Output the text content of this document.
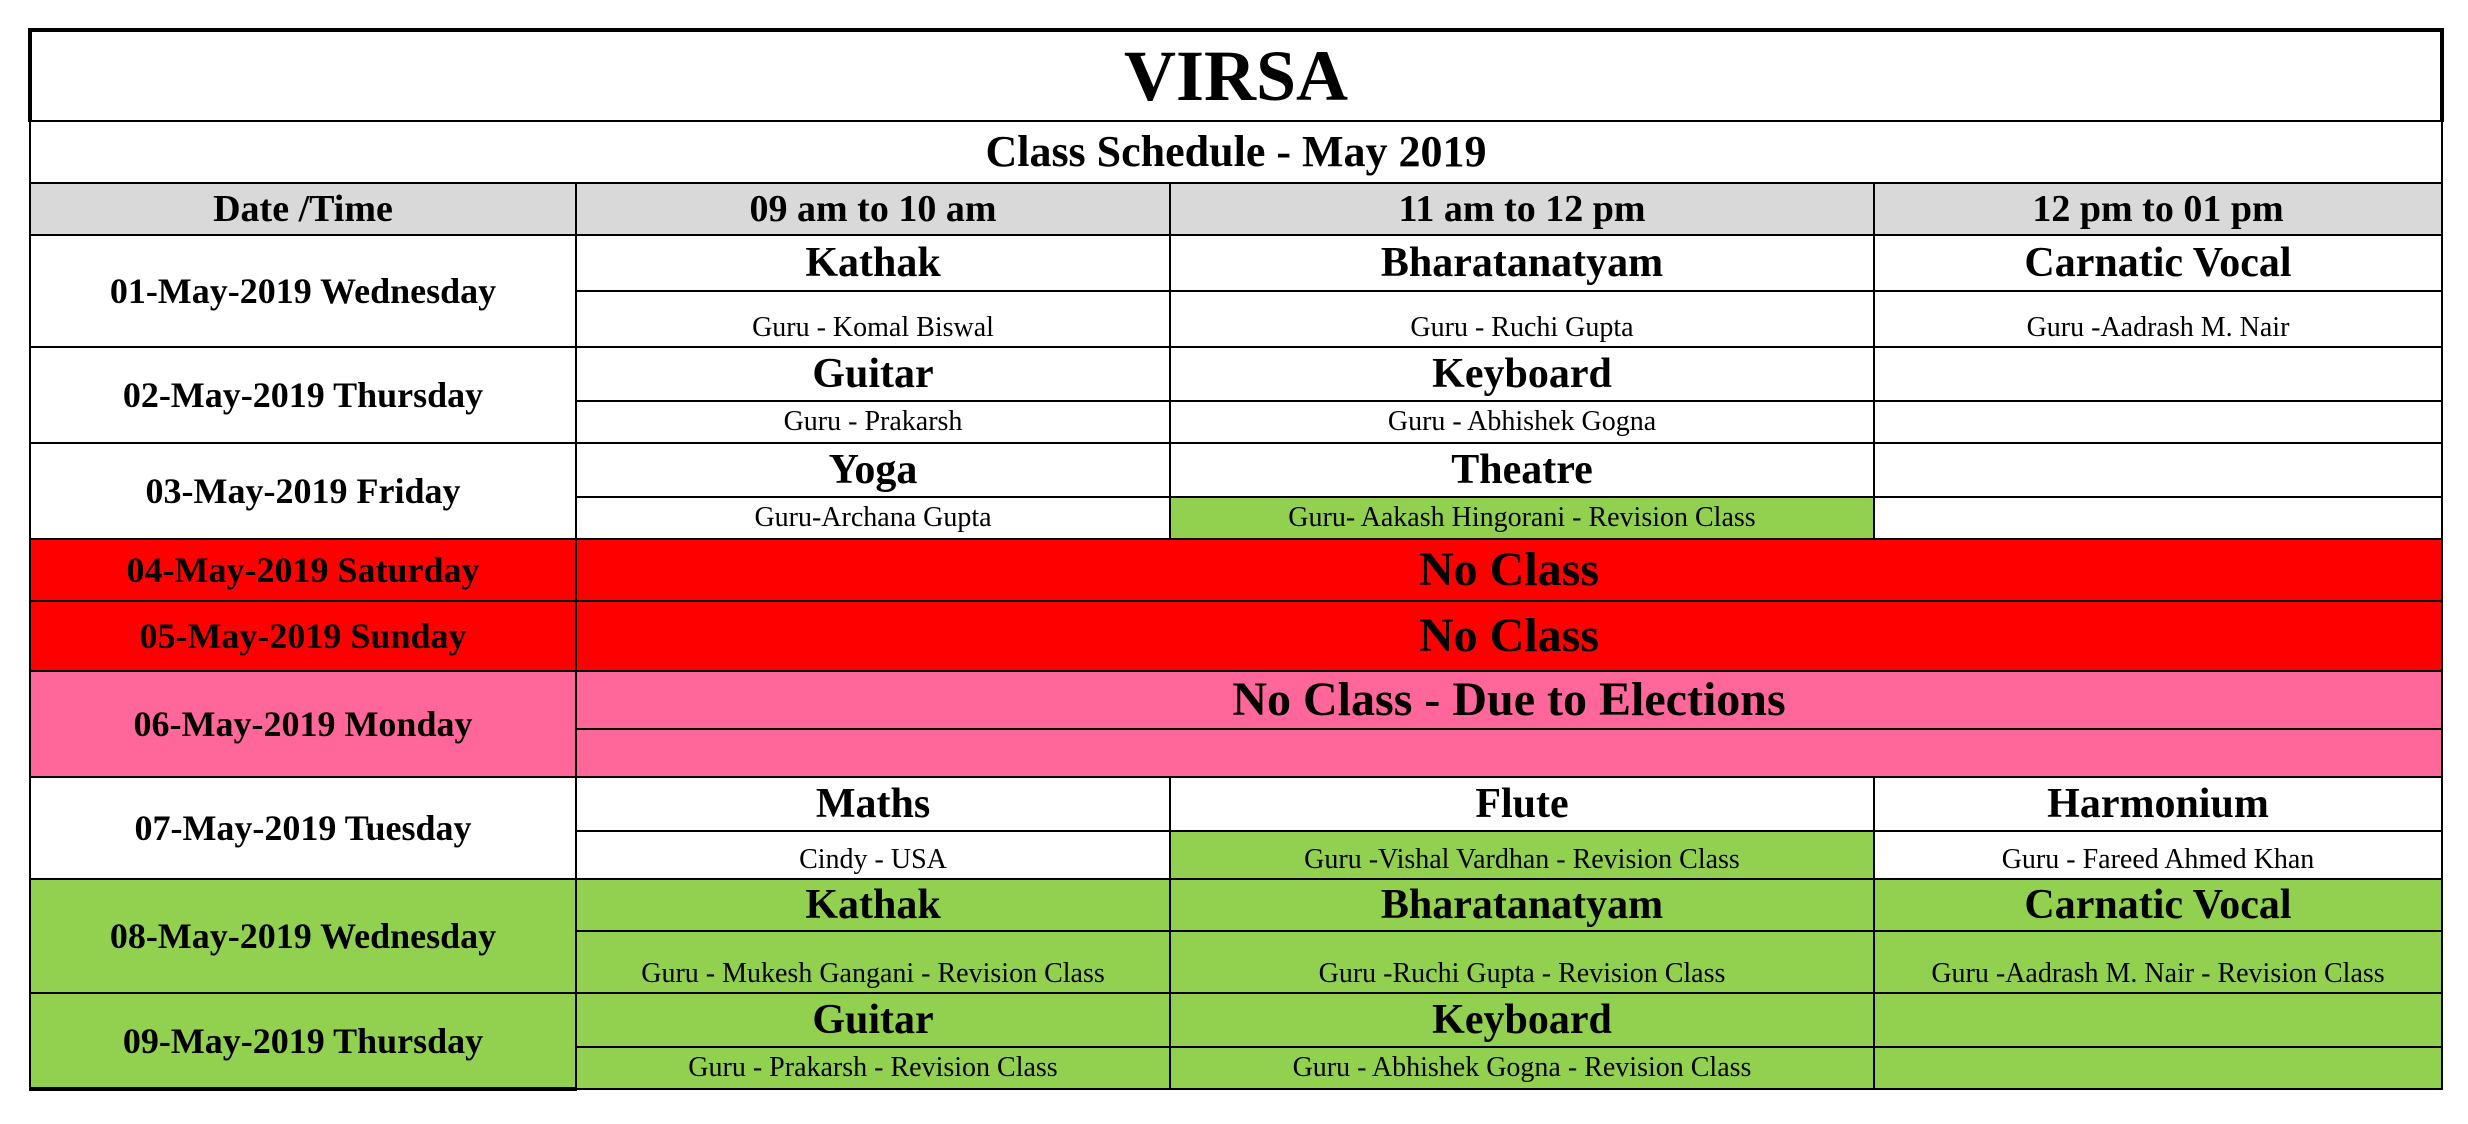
VIRSA			
Class Schedule - May 2019			
Date /Time	09 am to 10 am	11 am to 12 pm	12 pm to 01 pm
01-May-2019 Wednesday	Kathak	Bharatanatyam	Carnatic Vocal
	Guru - Komal Biswal	Guru - Ruchi Gupta	Guru -Aadrash M. Nair
02-May-2019 Thursday	Guitar	Keyboard	
	Guru - Prakarsh	Guru - Abhishek Gogna	
03-May-2019 Friday	Yoga	Theatre	
	Guru-Archana Gupta	Guru- Aakash Hingorani - Revision Class	
04-May-2019 Saturday	No Class		
05-May-2019 Sunday	No Class		
06-May-2019 Monday	No Class - Due to Elections		

07-May-2019 Tuesday	Maths	Flute	Harmonium
	Cindy - USA	Guru -Vishal Vardhan - Revision Class	Guru - Fareed Ahmed Khan
08-May-2019 Wednesday	Kathak	Bharatanatyam	Carnatic Vocal
	Guru - Mukesh Gangani - Revision Class	Guru -Ruchi Gupta - Revision Class	Guru -Aadrash M. Nair - Revision Class
09-May-2019 Thursday	Guitar	Keyboard	
	Guru - Prakarsh - Revision Class	Guru - Abhishek Gogna - Revision Class	
